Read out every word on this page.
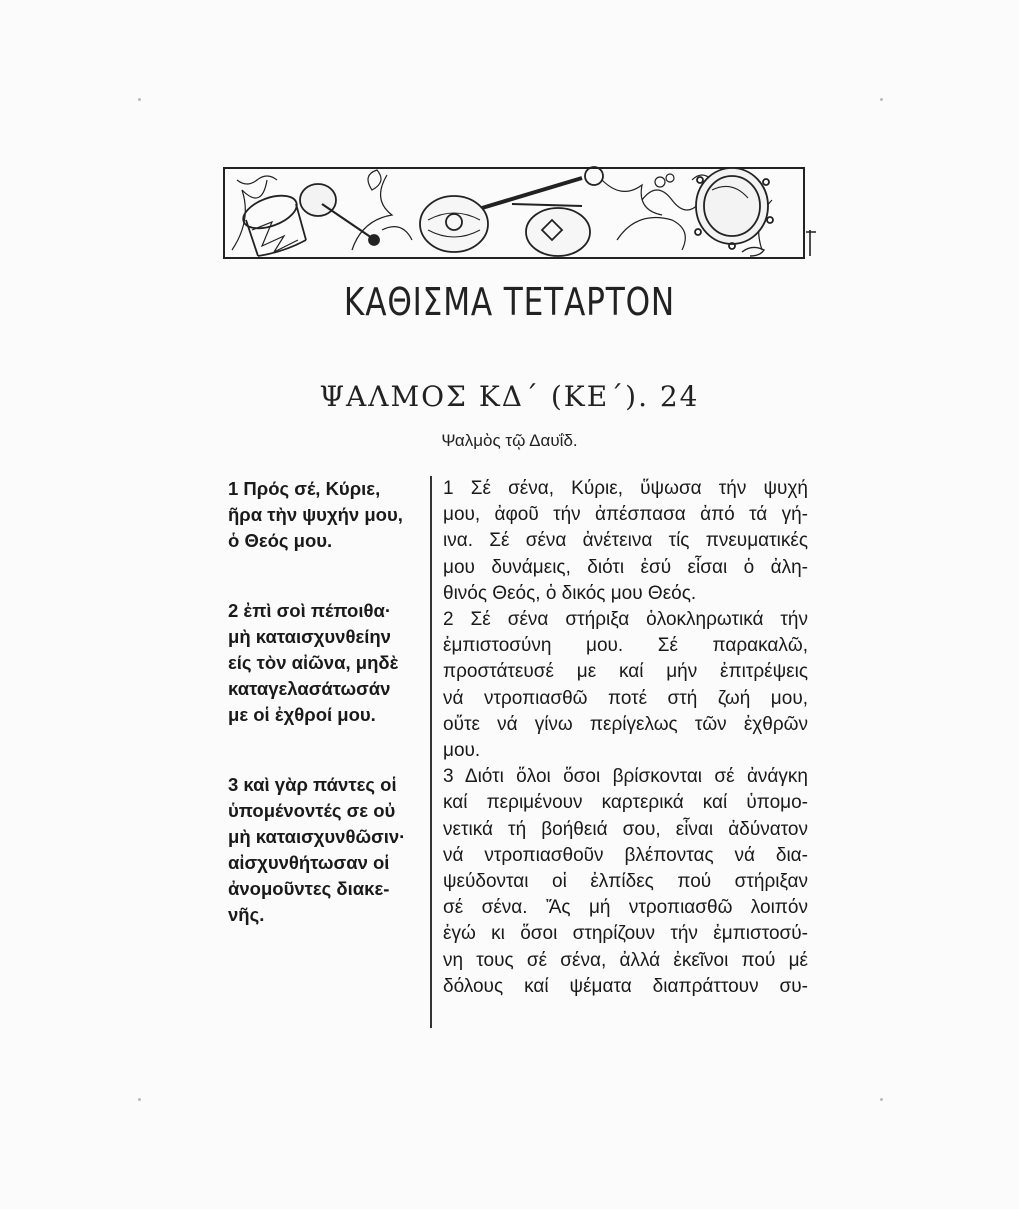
ΚΑΘΙΣΜΑ ΤΕΤΑΡΤΟΝ
ΨΑΛΜΟΣ ΚΔ΄ (ΚΕ΄). 24
Ψαλμὸς τῷ Δαυΐδ.
1 Πρός σέ, Κύριε,
ῆρα τὴν ψυχήν μου,
ὁ Θεός μου.
2 ἐπὶ σοὶ πέποιθα·
μὴ καταισχυνθείην
είς τὸν αἰῶνα, μηδὲ
καταγελασάτωσάν
με οἱ ἐχθροί μου.
3 καὶ γὰρ πάντες οἱ
ὑπομένοντές σε οὐ
μὴ καταισχυνθῶσιν·
αἰσχυνθήτωσαν οἱ
ἀνομοῦντες διακε-
νῆς.
1 Σέ σένα, Κύριε, ὕψωσα τήν ψυχή
μου, ἀφοῦ τήν ἀπέσπασα ἀπό τά γή-
ινα. Σέ σένα ἀνέτεινα τίς πνευματικές
μου δυνάμεις, διότι ἐσύ εἶσαι ὁ ἀλη-
θινός Θεός, ὁ δικός μου Θεός.
2 Σέ σένα στήριξα ὁλοκληρωτικά τήν
ἐμπιστοσύνη μου. Σέ παρακαλῶ,
προστάτευσέ με καί μήν ἐπιτρέψεις
νά ντροπιασθῶ ποτέ στή ζωή μου,
οὔτε νά γίνω περίγελως τῶν ἐχθρῶν
μου.
3 Διότι ὅλοι ὅσοι βρίσκονται σέ ἀνάγκη
καί περιμένουν καρτερικά καί ὑπομο-
νετικά τή βοήθειά σου, εἶναι ἀδύνατον
νά ντροπιασθοῦν βλέποντας νά δια-
ψεύδονται οἱ ἐλπίδες πού στήριξαν
σέ σένα. Ἄς μή ντροπιασθῶ λοιπόν
ἐγώ κι ὅσοι στηρίζουν τήν ἐμπιστοσύ-
νη τους σέ σένα, ἀλλά ἐκεῖνοι πού μέ
δόλους καί ψέματα διαπράττουν συ-
